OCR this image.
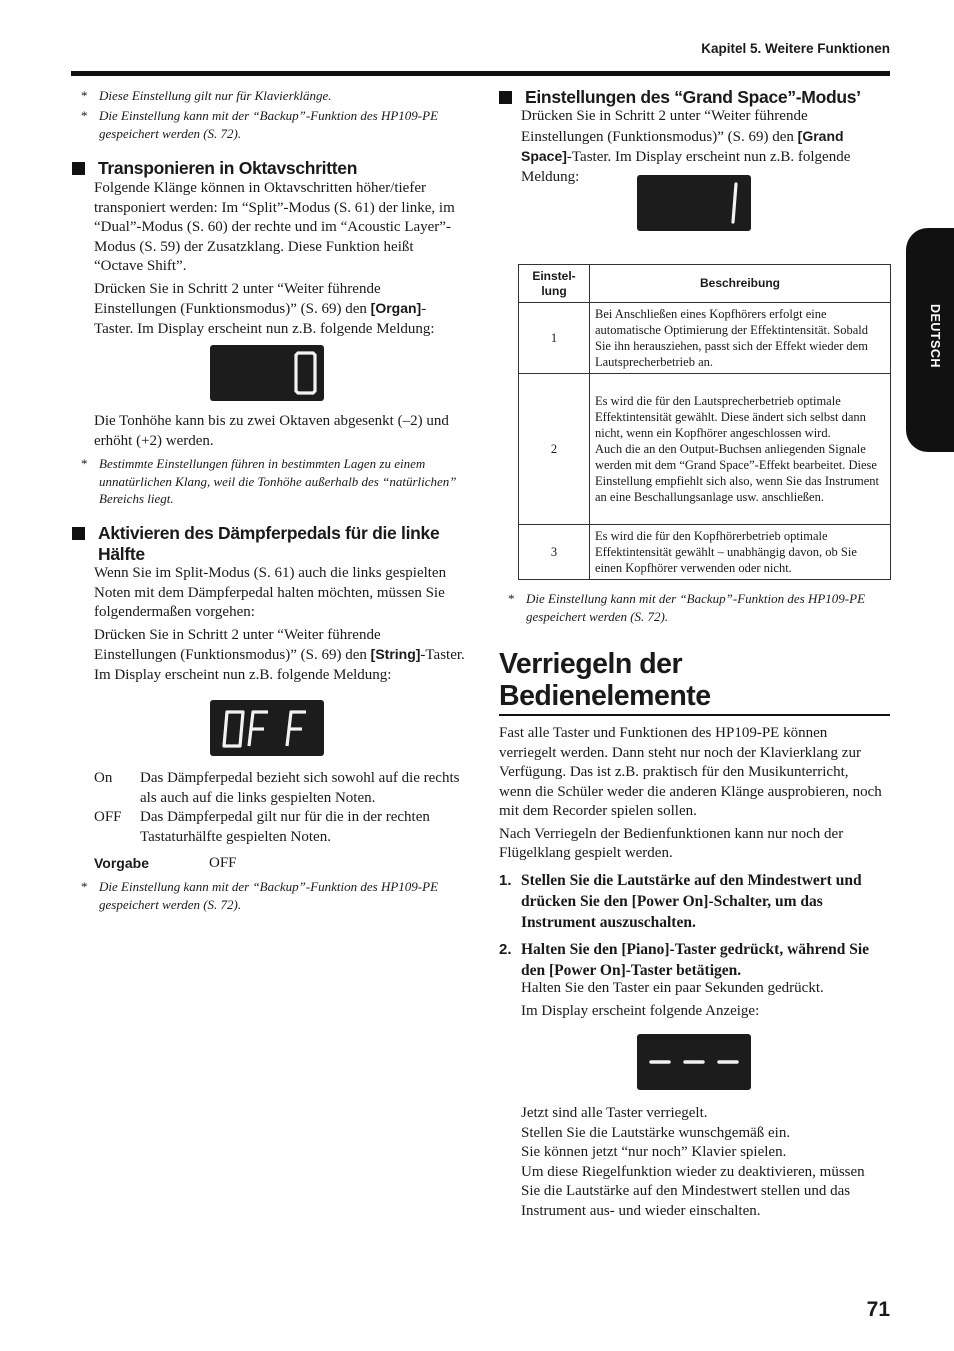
Kapitel 5. Weitere Funktionen
DEUTSCH
* Diese Einstellung gilt nur für Klavierklänge.
* Die Einstellung kann mit der “Backup”-Funktion des HP109-PE gespeichert werden (S. 72).
Transponieren in Oktavschritten

Folgende Klänge können in Oktavschritten höher/tiefer transponiert werden: Im “Split”-Modus (S. 61) der linke, im “Dual”-Modus (S. 60) der rechte und im “Acoustic Layer”-Modus (S. 59) der Zusatzklang. Diese Funktion heißt “Octave Shift”.

Drücken Sie in Schritt 2 unter “Weiter führende Einstellungen (Funktionsmodus)” (S. 69) den [Organ]-Taster. Im Display erscheint nun z.B. folgende Meldung:

Die Tonhöhe kann bis zu zwei Oktaven abgesenkt (–2) und erhöht (+2) werden.

* Bestimmte Einstellungen führen in bestimmten Lagen zu einem unnatürlichen Klang, weil die Tonhöhe außerhalb des “natürlichen” Bereichs liegt.
Aktivieren des Dämpferpedals für die linke
Hälfte

Wenn Sie im Split-Modus (S. 61) auch die links gespielten Noten mit dem Dämpferpedal halten möchten, müssen Sie folgendermaßen vorgehen:

Drücken Sie in Schritt 2 unter “Weiter führende Einstellungen (Funktionsmodus)” (S. 69) den [String]-Taster. Im Display erscheint nun z.B. folgende Meldung:

On Das Dämpferpedal bezieht sich sowohl auf die rechts als auch auf die links gespielten Noten.
OFF Das Dämpferpedal gilt nur für die in der rechten Tastaturhälfte gespielten Noten.
Vorgabe	OFF
* Die Einstellung kann mit der “Backup”-Funktion des HP109-PE gespeichert werden (S. 72).
Einstellungen des “Grand Space”-Modus’

Drücken Sie in Schritt 2 unter “Weiter führende Einstellungen (Funktionsmodus)” (S. 69) den [Grand Space]-Taster. Im Display erscheint nun z.B. folgende Meldung:

Einstel-
lung	Beschreibung
1	Bei Anschließen eines Kopfhörers erfolgt eine automatische Optimierung der Effektintensität. Sobald Sie ihn herausziehen, passt sich der Effekt wieder dem Lautsprecherbetrieb an.
2	Es wird die für den Lautsprecherbetrieb optimale Effektintensität gewählt. Diese ändert sich selbst dann nicht, wenn ein Kopfhörer angeschlossen wird.
Auch die an den Output-Buchsen anliegenden Signale werden mit dem “Grand Space”-Effekt bearbeitet. Diese Einstellung empfiehlt sich also, wenn Sie das Instrument an eine Beschallungsanlage usw. anschließen.

3	Es wird die für den Kopfhörerbetrieb optimale Effektintensität gewählt – unabhängig davon, ob Sie einen Kopfhörer verwenden oder nicht.
* Die Einstellung kann mit der “Backup”-Funktion des HP109-PE gespeichert werden (S. 72).
Verriegeln der
Bedienelemente

Fast alle Taster und Funktionen des HP109-PE können verriegelt werden. Dann steht nur noch der Klavierklang zur Verfügung. Das ist z.B. praktisch für den Musikunterricht, wenn die Schüler weder die anderen Klänge ausprobieren, noch mit dem Recorder spielen sollen.

Nach Verriegeln der Bedienfunktionen kann nur noch der Flügelklang gespielt werden.

1. Stellen Sie die Lautstärke auf den Mindestwert und drücken Sie den [Power On]-Schalter, um das Instrument auszuschalten.
2. Halten Sie den [Piano]-Taster gedrückt, während Sie den [Power On]-Taster betätigen.

Halten Sie den Taster ein paar Sekunden gedrückt.

Im Display erscheint folgende Anzeige:

Jetzt sind alle Taster verriegelt.

Stellen Sie die Lautstärke wunschgemäß ein.

Sie können jetzt “nur noch” Klavier spielen.

Um diese Riegelfunktion wieder zu deaktivieren, müssen Sie die Lautstärke auf den Mindestwert stellen und das Instrument aus- und wieder einschalten.

71
